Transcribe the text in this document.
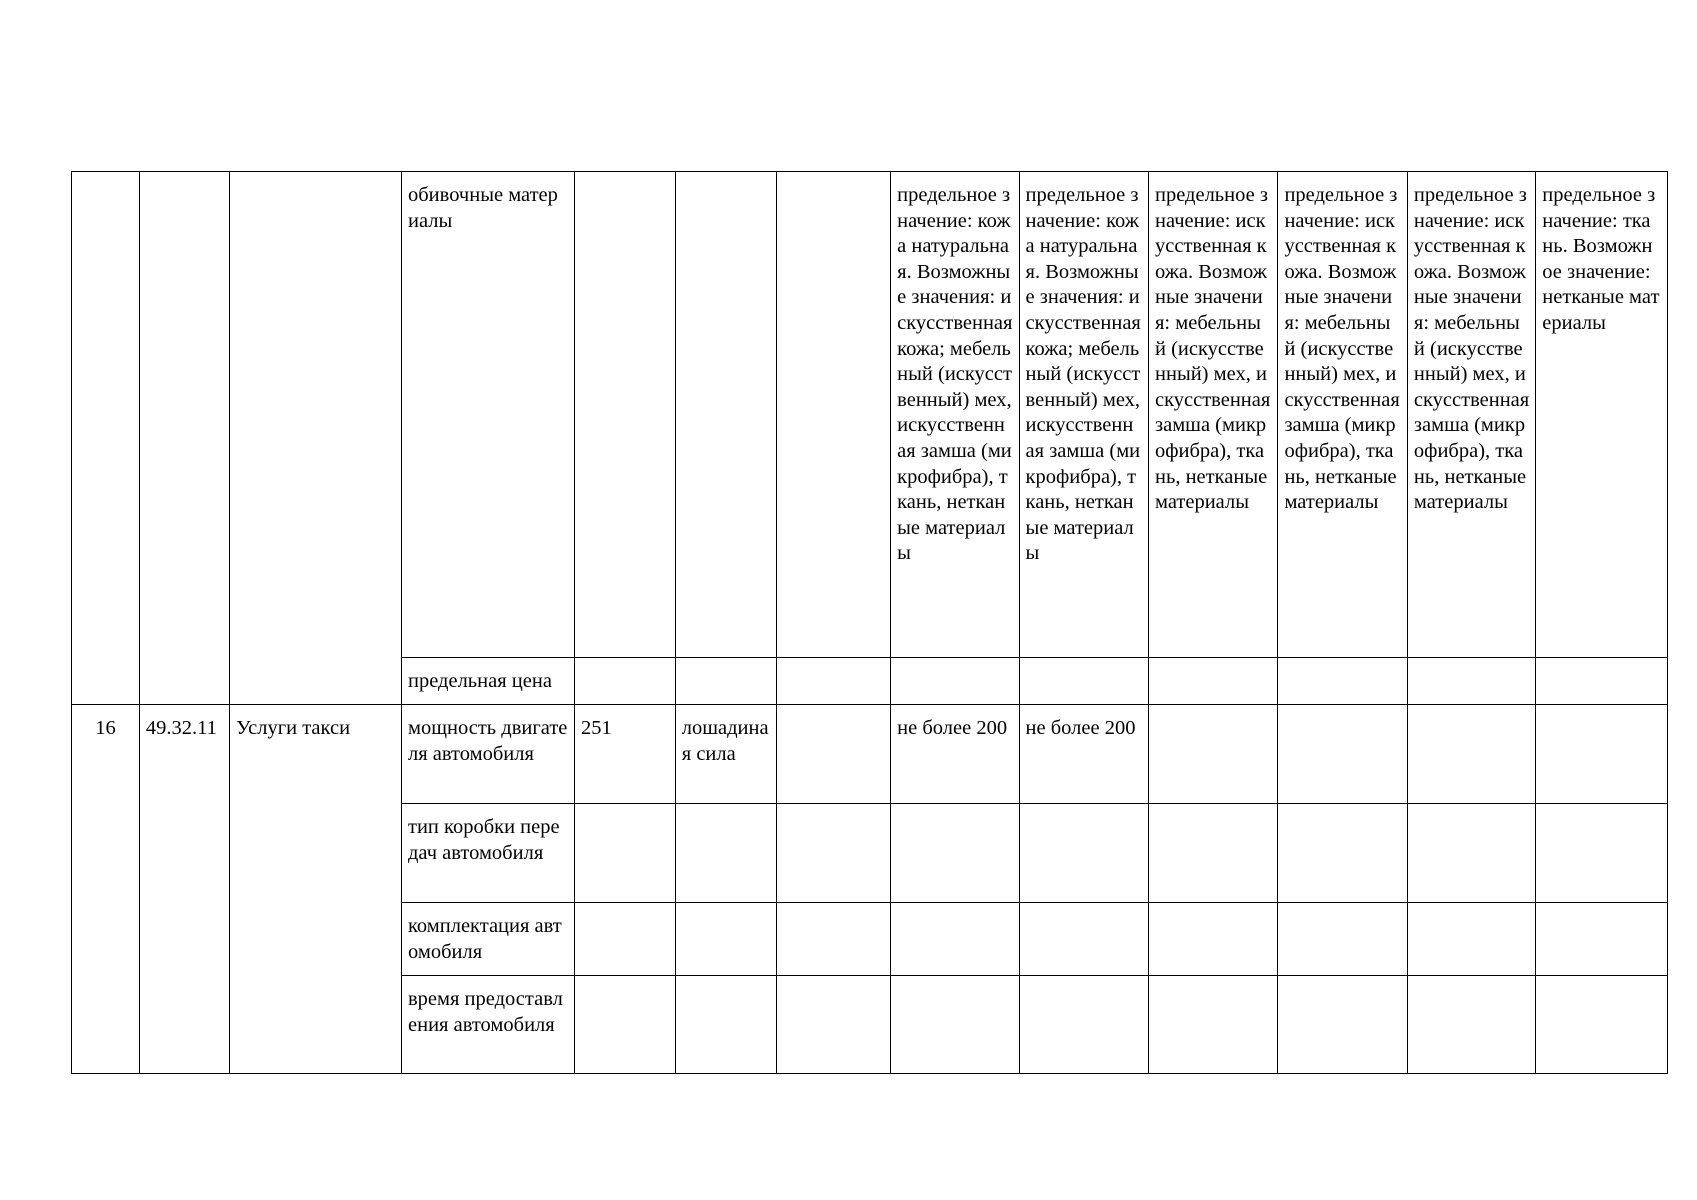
			обивочные материалы				предельное значение: кожа натуральная. Возможные значения: искусственная кожа; мебельный (искусственный) мех, искусственная замша (микрофибра), ткань, нетканые материалы	предельное значение: кожа натуральная. Возможные значения: искусственная кожа; мебельный (искусственный) мех, искусственная замша (микрофибра), ткань, нетканые материалы	предельное значение: искусственная кожа. Возможные значения: мебельный (искусственный) мех, искусственная замша (микрофибра), ткань, нетканые материалы	предельное значение: искусственная кожа. Возможные значения: мебельный (искусственный) мех, искусственная замша (микрофибра), ткань, нетканые материалы	предельное значение: искусственная кожа. Возможные значения: мебельный (искусственный) мех, искусственная замша (микрофибра), ткань, нетканые материалы	предельное значение: ткань. Возможное значение: нетканые материалы
			предельная цена									
16	49.32.11	Услуги такси	мощность двигателя автомобиля	251	лошадиная сила		не более 200	не более 200				
			тип коробки передач автомобиля									
			комплектация автомобиля									
			время предоставления автомобиля									
